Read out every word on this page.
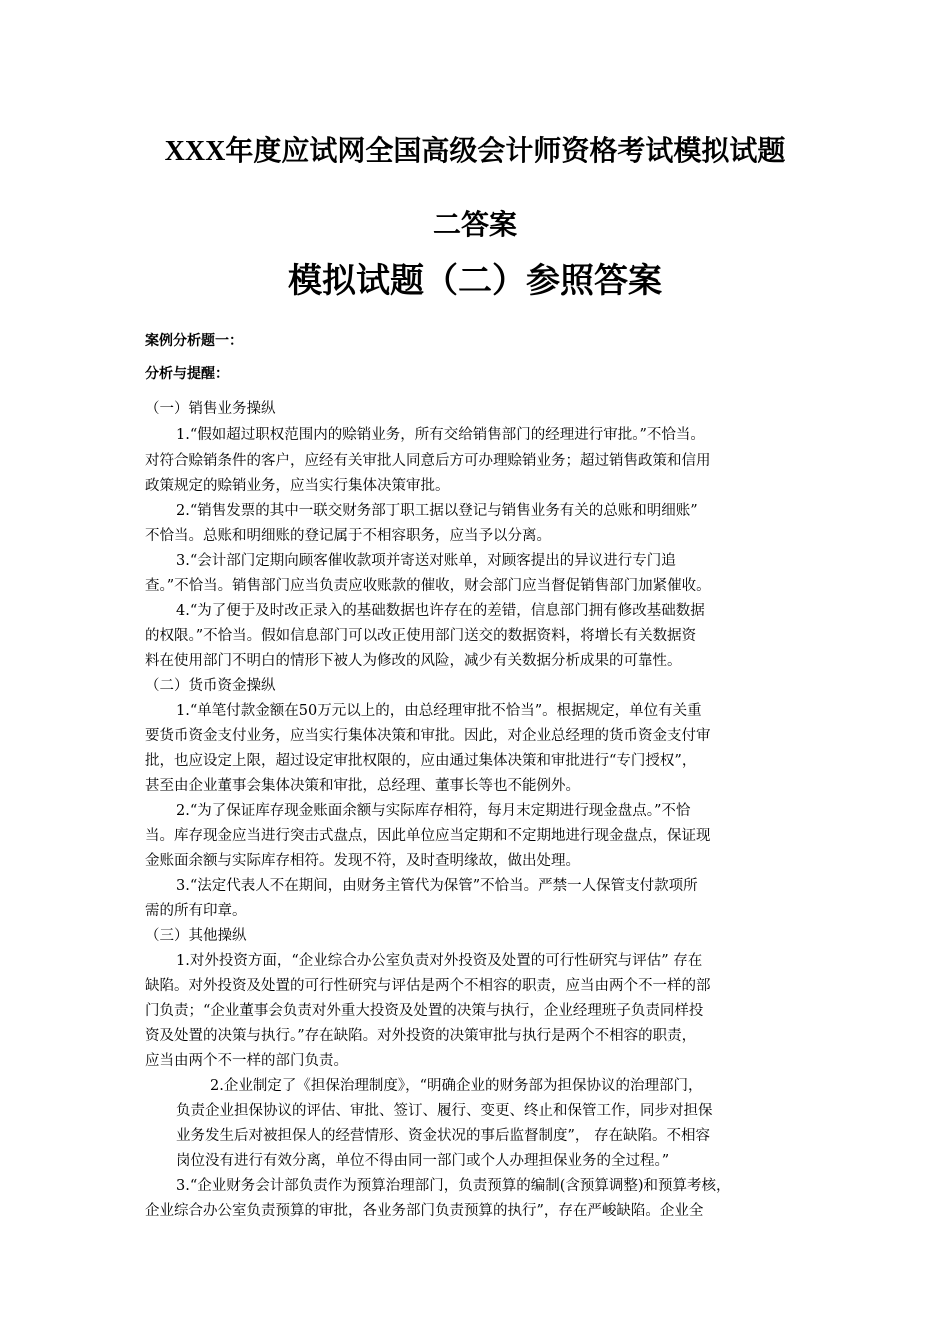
XXX年度应试网全国高级会计师资格考试模拟试题
二答案
模拟试题（二）参照答案
案例分析题一：
分析与提醒：
（一）销售业务操纵
1.“假如超过职权范围内的赊销业务，所有交给销售部门的经理进行审批。”不恰当。
对符合赊销条件的客户，应经有关审批人同意后方可办理赊销业务；超过销售政策和信用
政策规定的赊销业务，应当实行集体决策审批。
2.“销售发票的其中一联交财务部丁职工据以登记与销售业务有关的总账和明细账”
不恰当。总账和明细账的登记属于不相容职务，应当予以分离。
3.“会计部门定期向顾客催收款项并寄送对账单，对顾客提出的异议进行专门追
查。”不恰当。销售部门应当负责应收账款的催收，财会部门应当督促销售部门加紧催收。
4.“为了便于及时改正录入的基础数据也许存在的差错，信息部门拥有修改基础数据
的权限。”不恰当。假如信息部门可以改正使用部门送交的数据资料，将增长有关数据资
料在使用部门不明白的情形下被人为修改的风险，减少有关数据分析成果的可靠性。
（二）货币资金操纵
1.“单笔付款金额在50万元以上的，由总经理审批不恰当”。根据规定，单位有关重
要货币资金支付业务，应当实行集体决策和审批。因此，对企业总经理的货币资金支付审
批，也应设定上限，超过设定审批权限的，应由通过集体决策和审批进行“专门授权”，
甚至由企业董事会集体决策和审批，总经理、董事长等也不能例外。
2.“为了保证库存现金账面余额与实际库存相符，每月末定期进行现金盘点。”不恰
当。库存现金应当进行突击式盘点，因此单位应当定期和不定期地进行现金盘点，保证现
金账面余额与实际库存相符。发现不符，及时查明缘故，做出处理。
3.“法定代表人不在期间，由财务主管代为保管”不恰当。严禁一人保管支付款项所
需的所有印章。
（三）其他操纵
1.对外投资方面，“企业综合办公室负责对外投资及处置的可行性研究与评估” 存在
缺陷。对外投资及处置的可行性研究与评估是两个不相容的职责，应当由两个不一样的部
门负责；“企业董事会负责对外重大投资及处置的决策与执行，企业经理班子负责同样投
资及处置的决策与执行。”存在缺陷。对外投资的决策审批与执行是两个不相容的职责，
应当由两个不一样的部门负责。
2.企业制定了《担保治理制度》，“明确企业的财务部为担保协议的治理部门，
负责企业担保协议的评估、审批、签订、履行、变更、终止和保管工作，同步对担保
业务发生后对被担保人的经营情形、资金状况的事后监督制度”， 存在缺陷。不相容
岗位没有进行有效分离，单位不得由同一部门或个人办理担保业务的全过程。”
3.“企业财务会计部负责作为预算治理部门，负责预算的编制(含预算调整)和预算考核，
企业综合办公室负责预算的审批，各业务部门负责预算的执行”，存在严峻缺陷。企业全
